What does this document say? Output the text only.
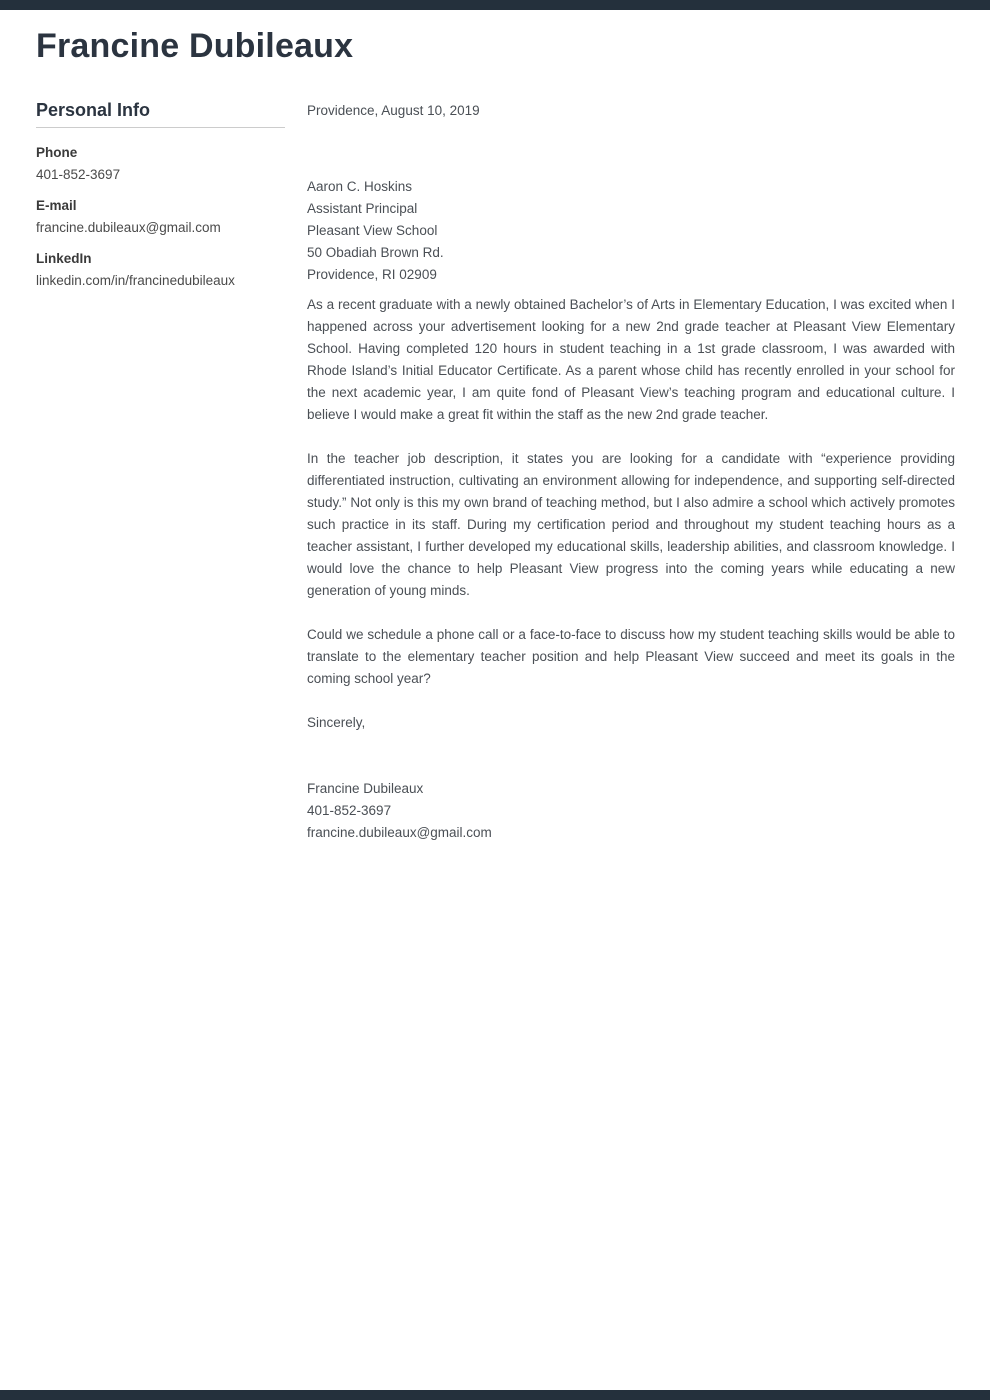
Francine Dubileaux
Personal Info
Phone
401-852-3697
E-mail
francine.dubileaux@gmail.com
LinkedIn
linkedin.com/in/francinedubileaux
Providence, August 10, 2019
Aaron C. Hoskins
Assistant Principal
Pleasant View School
50 Obadiah Brown Rd.
Providence, RI 02909

As a recent graduate with a newly obtained Bachelor’s of Arts in Elementary Education, I was excited when I happened across your advertisement looking for a new 2nd grade teacher at Pleasant View Elementary School. Having completed 120 hours in student teaching in a 1st grade classroom, I was awarded with Rhode Island’s Initial Educator Certificate. As a parent whose child has recently enrolled in your school for the next academic year, I am quite fond of Pleasant View’s teaching program and educational culture. I believe I would make a great fit within the staff as the new 2nd grade teacher.

In the teacher job description, it states you are looking for a candidate with “experience providing differentiated instruction, cultivating an environment allowing for independence, and supporting self-directed study.” Not only is this my own brand of teaching method, but I also admire a school which actively promotes such practice in its staff. During my certification period and throughout my student teaching hours as a teacher assistant, I further developed my educational skills, leadership abilities, and classroom knowledge. I would love the chance to help Pleasant View progress into the coming years while educating a new generation of young minds.

Could we schedule a phone call or a face-to-face to discuss how my student teaching skills would be able to translate to the elementary teacher position and help Pleasant View succeed and meet its goals in the coming school year?

Sincerely,
Francine Dubileaux
401-852-3697
francine.dubileaux@gmail.com
